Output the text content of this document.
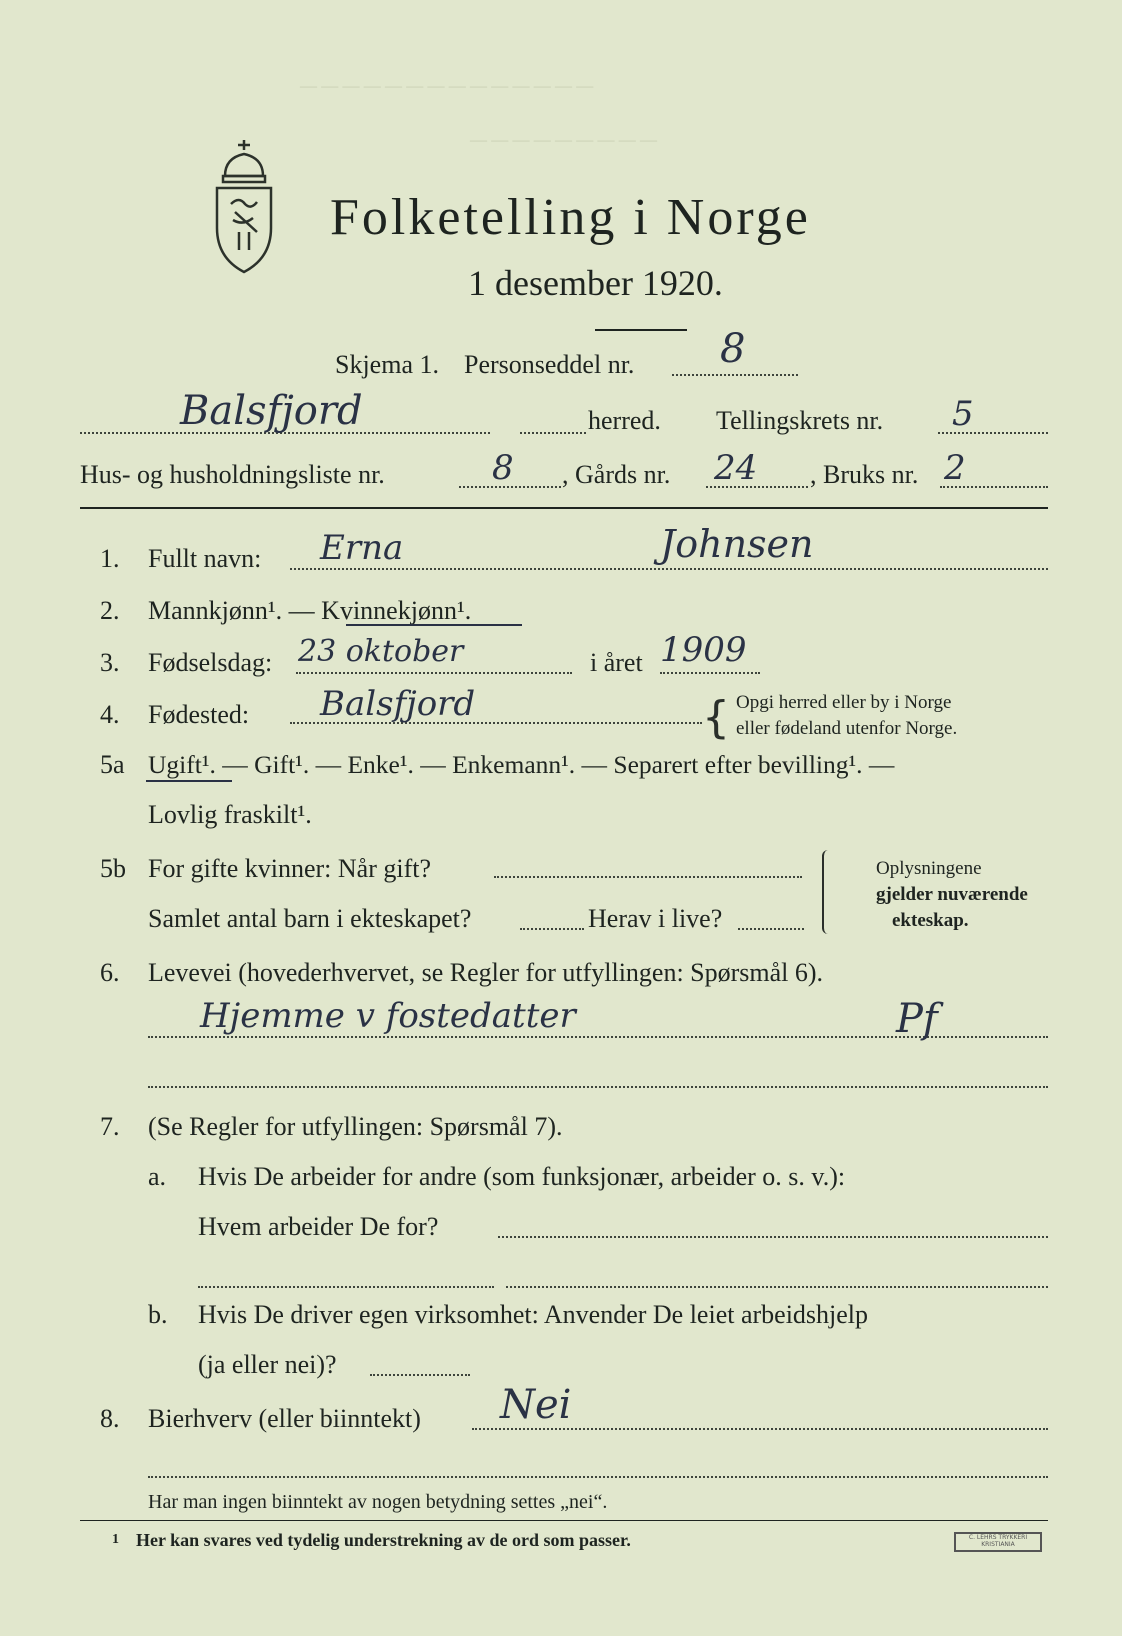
— — — — — — — — — — — — — —
— — — — — — — — —
Folketelling i Norge
1 desember 1920.
Skjema 1. Personseddel nr. 8
Balsfjord	herred. Tellingskrets nr. 5
Hus- og husholdningsliste nr.	8 , Gårds nr. 24 , Bruks nr. 2
1. Fullt navn: Erna	Johnsen
2. Mannkjønn¹. — Kvinnekjønn¹.
3. Fødselsdag: 23 oktober	i året 1909
4. Fødested: Balsfjord	{ Opgi herred eller by i Norge
eller fødeland utenfor Norge.
5a Ugift¹. — Gift¹. — Enke¹. — Enkemann¹. — Separert efter bevilling¹. —
Lovlig fraskilt¹.
5b For gifte kvinner: Når gift?
Samlet antal barn i ekteskapet?	Herav i live?
Oplysningene
gjelder nuværende
ekteskap.
6. Levevei (hovederhvervet, se Regler for utfyllingen: Spørsmål 6).
Hjemme v fostedatter	Pf
7. (Se Regler for utfyllingen: Spørsmål 7).
a. Hvis De arbeider for andre (som funksjonær, arbeider o. s. v.):
Hvem arbeider De for?
b. Hvis De driver egen virksomhet: Anvender De leiet arbeidshjelp
(ja eller nei)?
8. Bierhverv (eller biinntekt) Nei
Har man ingen biinntekt av nogen betydning settes „nei“.
1 Her kan svares ved tydelig understrekning av de ord som passer.	C. LEHRS TRYKKERI KRISTIANIA
